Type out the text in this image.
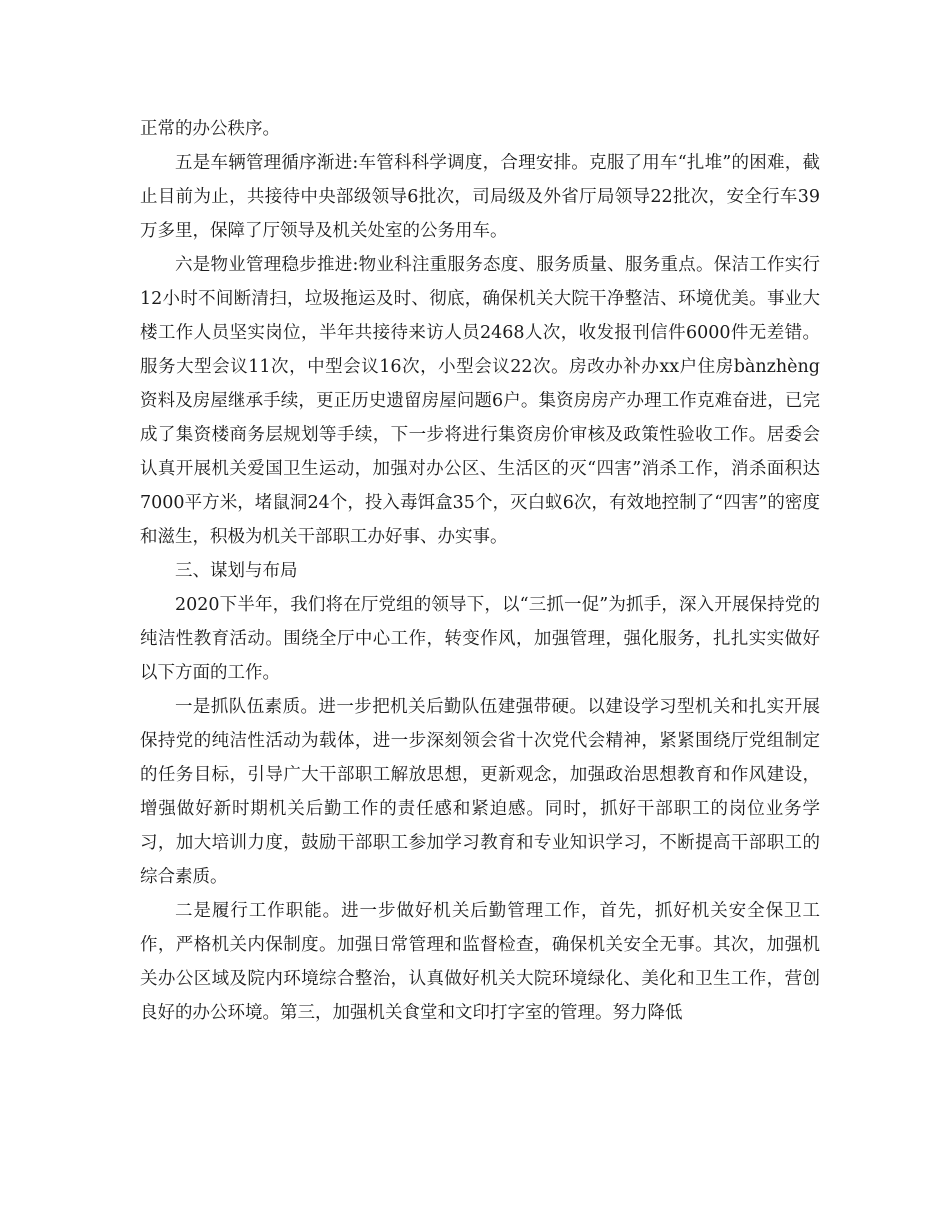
正常的办公秩序。

五是车辆管理循序渐进:车管科科学调度，合理安排。克服了用车“扎堆”的困难，截止目前为止，共接待中央部级领导6批次，司局级及外省厅局领导22批次，安全行车39万多里，保障了厅领导及机关处室的公务用车。

六是物业管理稳步推进:物业科注重服务态度、服务质量、服务重点。保洁工作实行12小时不间断清扫，垃圾拖运及时、彻底，确保机关大院干净整洁、环境优美。事业大楼工作人员坚实岗位，半年共接待来访人员2468人次，收发报刊信件6000件无差错。服务大型会议11次，中型会议16次，小型会议22次。房改办补办xx户住房bànzhèng资料及房屋继承手续，更正历史遗留房屋问题6户。集资房房产办理工作克难奋进，已完成了集资楼商务层规划等手续，下一步将进行集资房价审核及政策性验收工作。居委会认真开展机关爱国卫生运动，加强对办公区、生活区的灭“四害”消杀工作，消杀面积达7000平方米，堵鼠洞24个，投入毒饵盒35个，灭白蚁6次，有效地控制了“四害”的密度和滋生，积极为机关干部职工办好事、办实事。

三、谋划与布局

2020下半年，我们将在厅党组的领导下，以“三抓一促”为抓手，深入开展保持党的纯洁性教育活动。围绕全厅中心工作，转变作风，加强管理，强化服务，扎扎实实做好以下方面的工作。

一是抓队伍素质。进一步把机关后勤队伍建强带硬。以建设学习型机关和扎实开展保持党的纯洁性活动为载体，进一步深刻领会省十次党代会精神，紧紧围绕厅党组制定的任务目标，引导广大干部职工解放思想，更新观念，加强政治思想教育和作风建设，增强做好新时期机关后勤工作的责任感和紧迫感。同时，抓好干部职工的岗位业务学习，加大培训力度，鼓励干部职工参加学习教育和专业知识学习，不断提高干部职工的综合素质。

二是履行工作职能。进一步做好机关后勤管理工作，首先，抓好机关安全保卫工作，严格机关内保制度。加强日常管理和监督检查，确保机关安全无事。其次，加强机关办公区域及院内环境综合整治，认真做好机关大院环境绿化、美化和卫生工作，营创良好的办公环境。第三，加强机关食堂和文印打字室的管理。努力降低
